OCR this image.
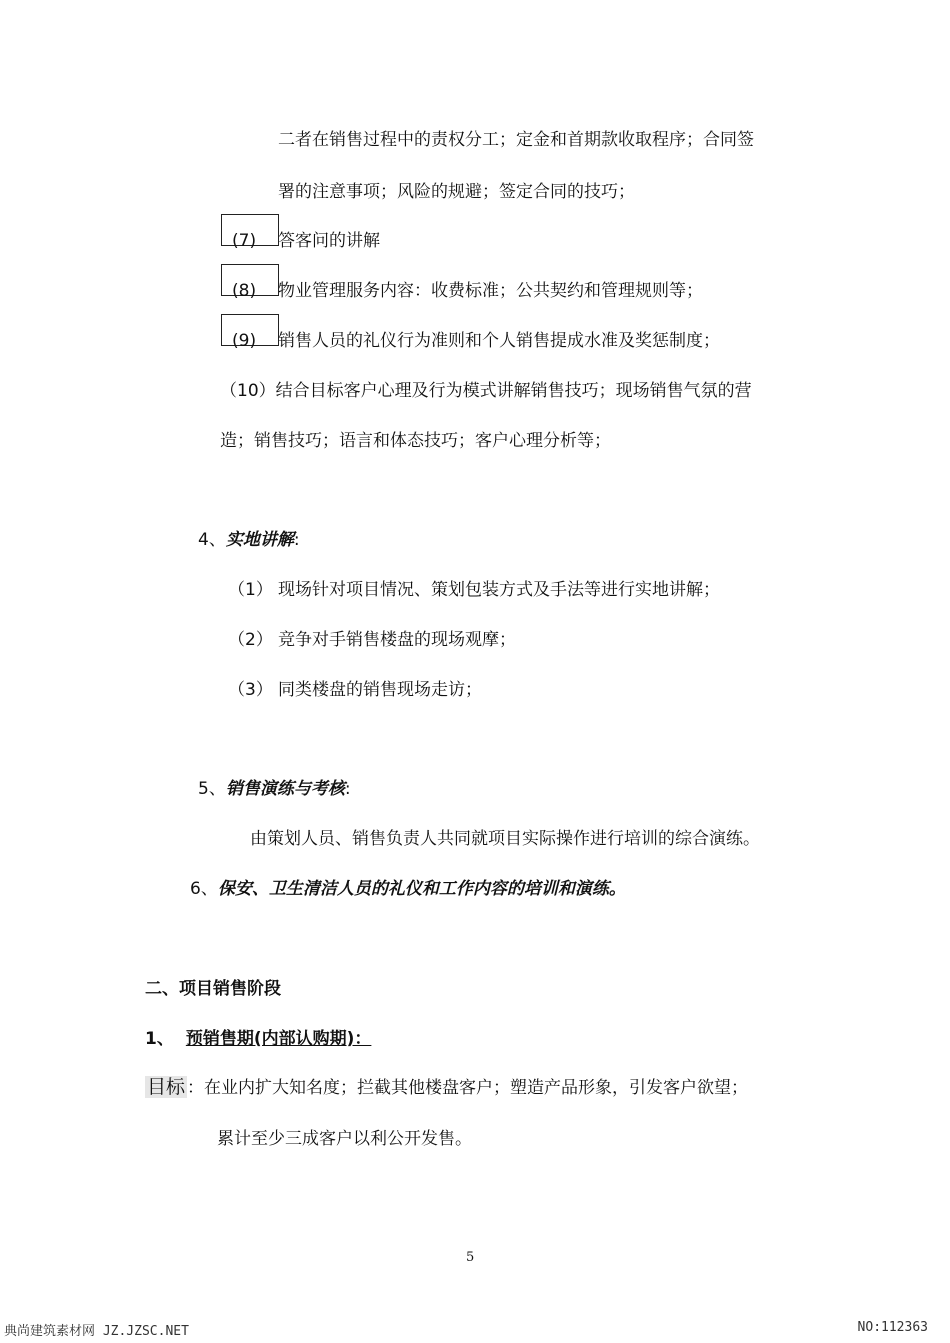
二者在销售过程中的责权分工；定金和首期款收取程序；合同签
署的注意事项；风险的规避；签定合同的技巧；
(7) 答客问的讲解
(8) 物业管理服务内容：收费标准；公共契约和管理规则等；
(9) 销售人员的礼仪行为准则和个人销售提成水准及奖惩制度；
（10）结合目标客户心理及行为模式讲解销售技巧；现场销售气氛的营
造；销售技巧；语言和体态技巧；客户心理分析等；
4、实地讲解:
（1） 现场针对项目情况、策划包装方式及手法等进行实地讲解；
（2） 竞争对手销售楼盘的现场观摩；
（3） 同类楼盘的销售现场走访；
5、销售演练与考核:
由策划人员、销售负责人共同就项目实际操作进行培训的综合演练。
6、保安、卫生清洁人员的礼仪和工作内容的培训和演练。
二、项目销售阶段
1、 预销售期(内部认购期)：
目标 ：在业内扩大知名度；拦截其他楼盘客户；塑造产品形象，引发客户欲望；
累计至少三成客户以利公开发售。
5
典尚建筑素材网 JZ.JZSC.NET	NO:112363
